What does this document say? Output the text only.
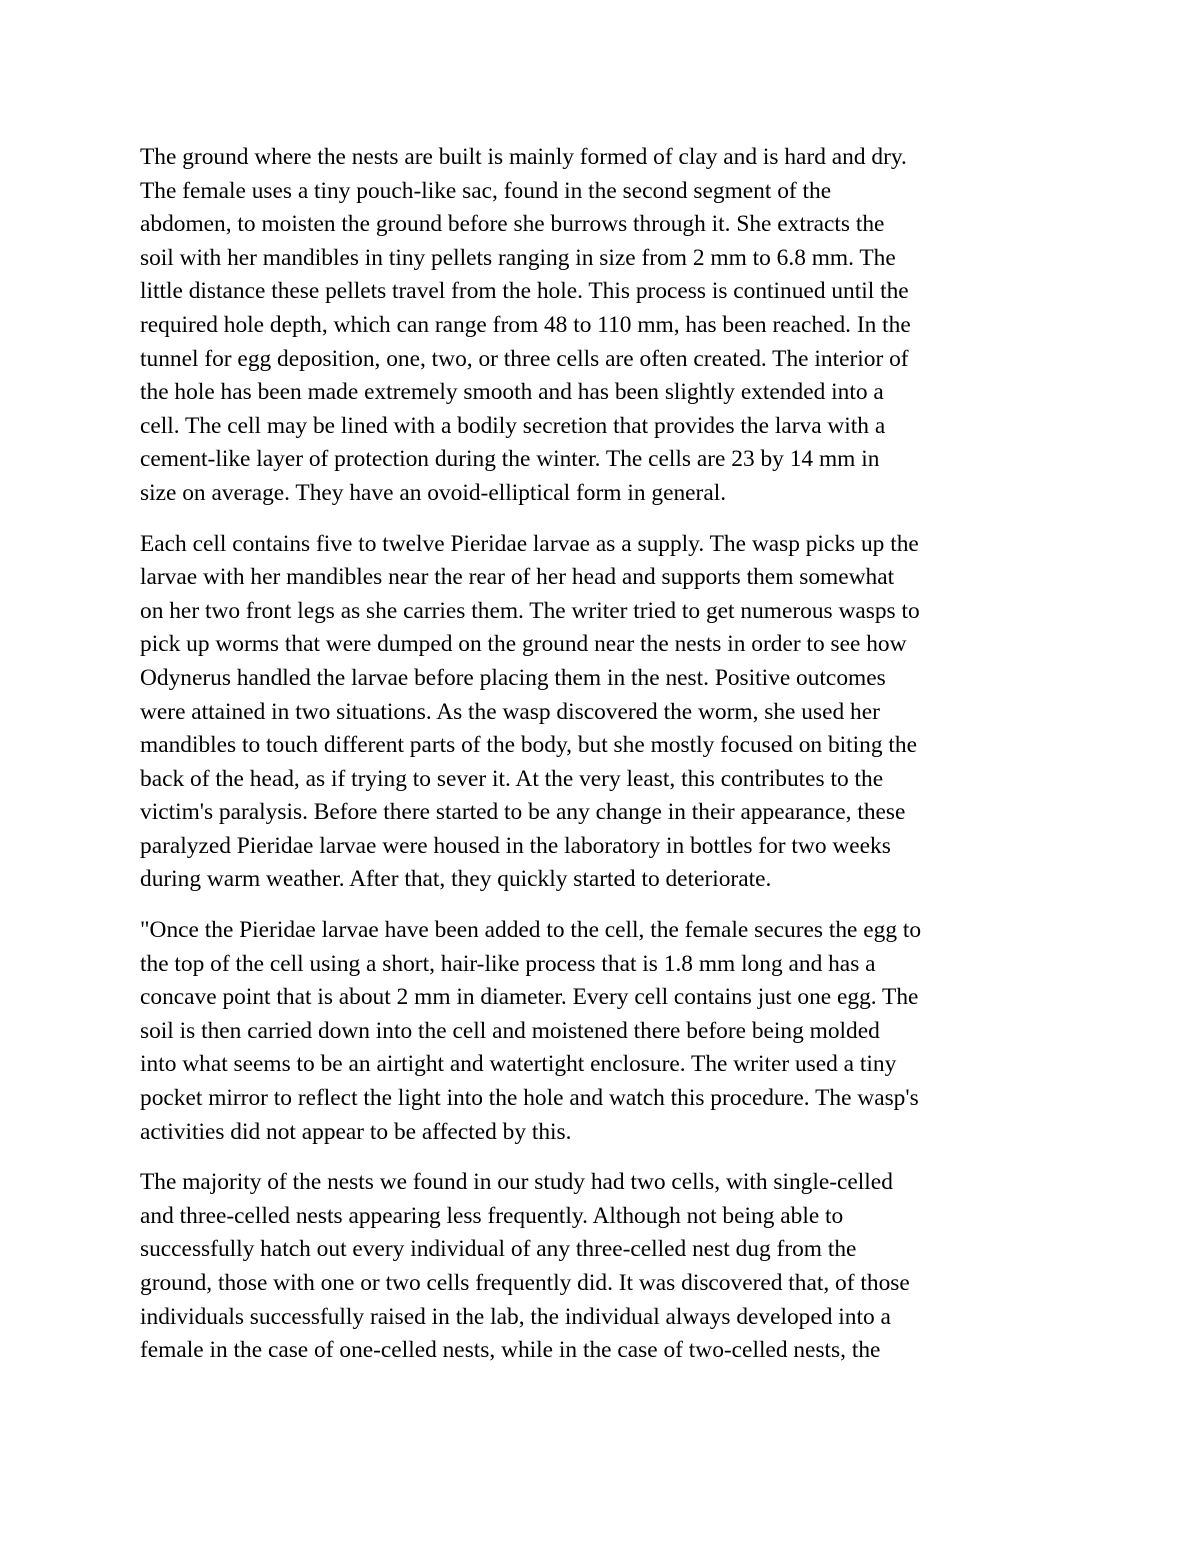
The ground where the nests are built is mainly formed of clay and is hard and dry.
The female uses a tiny pouch-like sac, found in the second segment of the
abdomen, to moisten the ground before she burrows through it. She extracts the
soil with her mandibles in tiny pellets ranging in size from 2 mm to 6.8 mm. The
little distance these pellets travel from the hole. This process is continued until the
required hole depth, which can range from 48 to 110 mm, has been reached. In the
tunnel for egg deposition, one, two, or three cells are often created. The interior of
the hole has been made extremely smooth and has been slightly extended into a
cell. The cell may be lined with a bodily secretion that provides the larva with a
cement-like layer of protection during the winter. The cells are 23 by 14 mm in
size on average. They have an ovoid-elliptical form in general.

Each cell contains five to twelve Pieridae larvae as a supply. The wasp picks up the
larvae with her mandibles near the rear of her head and supports them somewhat
on her two front legs as she carries them. The writer tried to get numerous wasps to
pick up worms that were dumped on the ground near the nests in order to see how
Odynerus handled the larvae before placing them in the nest. Positive outcomes
were attained in two situations. As the wasp discovered the worm, she used her
mandibles to touch different parts of the body, but she mostly focused on biting the
back of the head, as if trying to sever it. At the very least, this contributes to the
victim's paralysis. Before there started to be any change in their appearance, these
paralyzed Pieridae larvae were housed in the laboratory in bottles for two weeks
during warm weather. After that, they quickly started to deteriorate.

"Once the Pieridae larvae have been added to the cell, the female secures the egg to
the top of the cell using a short, hair-like process that is 1.8 mm long and has a
concave point that is about 2 mm in diameter. Every cell contains just one egg. The
soil is then carried down into the cell and moistened there before being molded
into what seems to be an airtight and watertight enclosure. The writer used a tiny
pocket mirror to reflect the light into the hole and watch this procedure. The wasp's
activities did not appear to be affected by this.

The majority of the nests we found in our study had two cells, with single-celled
and three-celled nests appearing less frequently. Although not being able to
successfully hatch out every individual of any three-celled nest dug from the
ground, those with one or two cells frequently did. It was discovered that, of those
individuals successfully raised in the lab, the individual always developed into a
female in the case of one-celled nests, while in the case of two-celled nests, the
